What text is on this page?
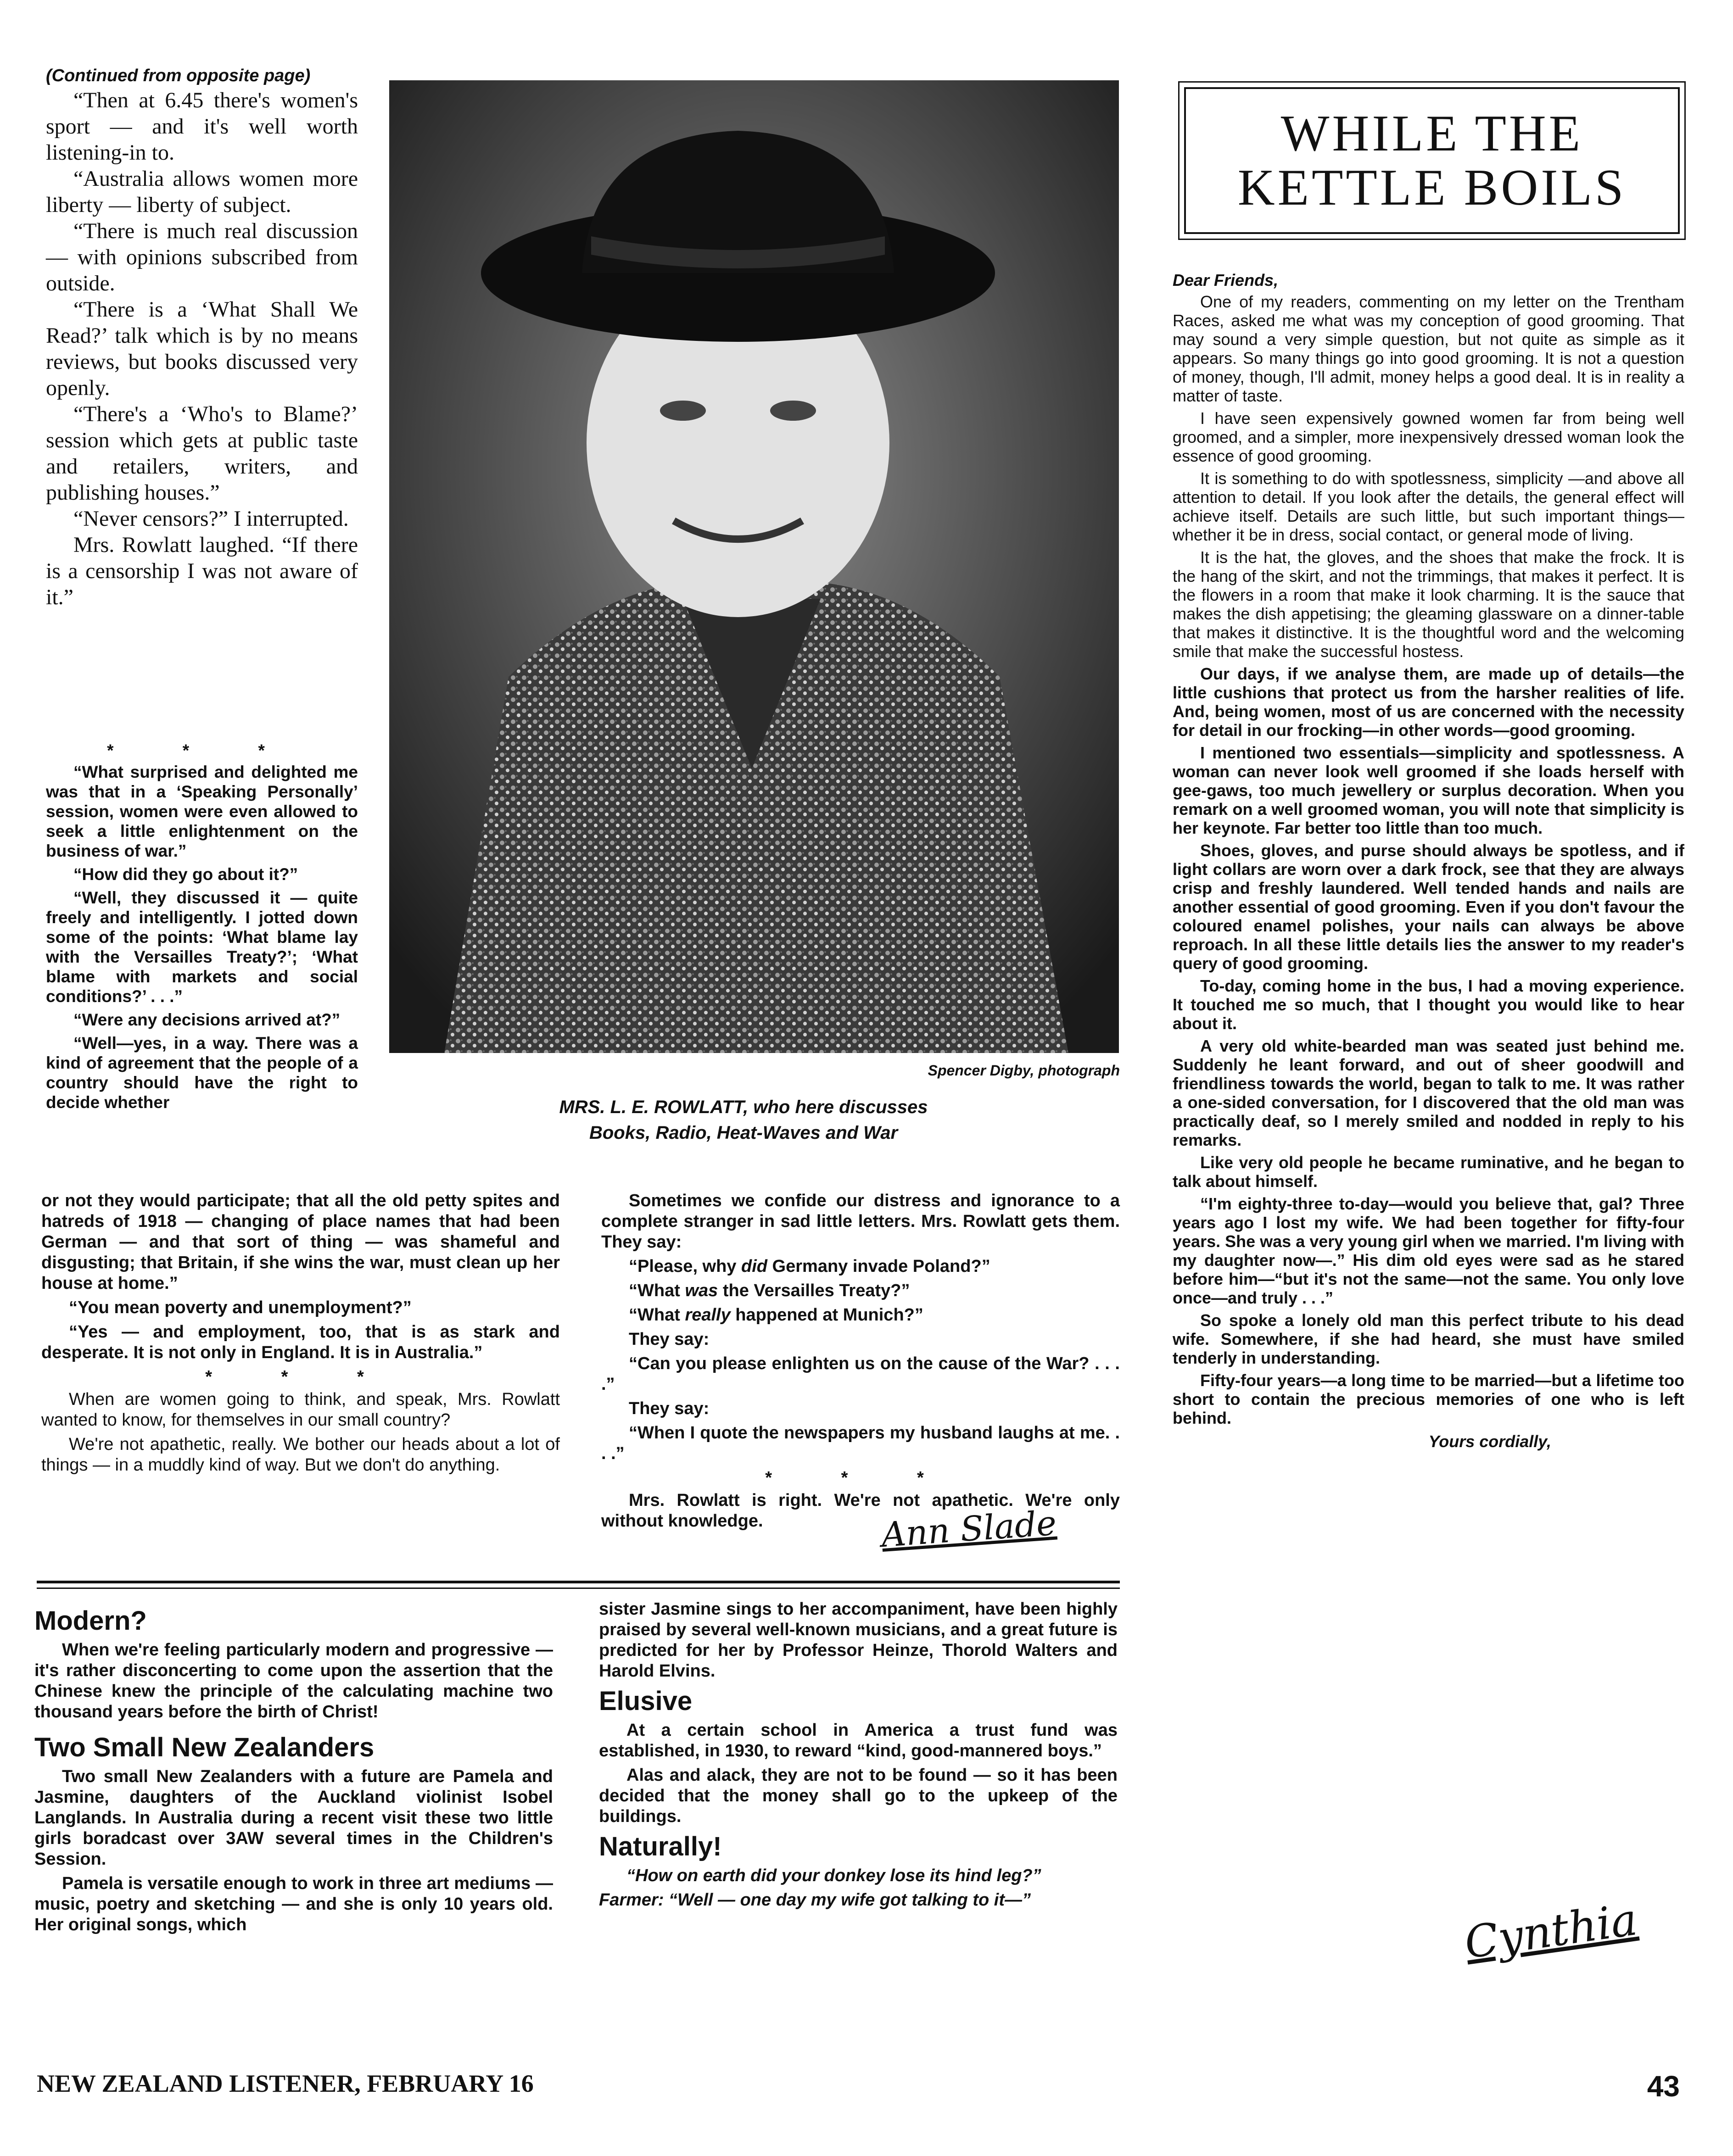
(Continued from opposite page)

“Then at 6.45 there's women's sport — and it's well worth listening-in to.

“Australia allows women more liberty — liberty of subject.

“There is much real discussion — with opinions subscribed from outside.

“There is a ‘What Shall We Read?’ talk which is by no means reviews, but books discussed very openly.

“There's a ‘Who's to Blame?’ session which gets at public taste and retailers, writers, and publishing houses.”

“Never censors?” I interrupted.

Mrs. Rowlatt laughed. “If there is a censorship I was not aware of it.”

* * *

“What surprised and delighted me was that in a ‘Speaking Personally’ session, women were even allowed to seek a little enlightenment on the business of war.”

“How did they go about it?”

“Well, they discussed it — quite freely and intelligently. I jotted down some of the points: ‘What blame lay with the Versailles Treaty?’; ‘What blame with markets and social conditions?’ . . .”

“Were any decisions arrived at?”

“Well—yes, in a way. There was a kind of agreement that the people of a country should have the right to decide whether

Spencer Digby, photograph
MRS. L. E. ROWLATT, who here discusses
Books, Radio, Heat-Waves and War

or not they would participate; that all the old petty spites and hatreds of 1918 — changing of place names that had been German — and that sort of thing — was shameful and disgusting; that Britain, if she wins the war, must clean up her house at home.”

“You mean poverty and unemployment?”

“Yes — and employment, too, that is as stark and desperate. It is not only in England. It is in Australia.”

* * *

When are women going to think, and speak, Mrs. Rowlatt wanted to know, for themselves in our small country?

We're not apathetic, really. We bother our heads about a lot of things — in a muddly kind of way. But we don't do anything.

Sometimes we confide our distress and ignorance to a complete stranger in sad little letters. Mrs. Rowlatt gets them. They say:

“Please, why did Germany invade Poland?”

“What was the Versailles Treaty?”

“What really happened at Munich?”

They say:

“Can you please enlighten us on the cause of the War? . . . .”

They say:

“When I quote the newspapers my husband laughs at me. . . .”

* * *

Mrs. Rowlatt is right. We're not apathetic. We're only without knowledge.	Ann Slade
Modern?

When we're feeling particularly modern and progressive — it's rather disconcerting to come upon the assertion that the Chinese knew the principle of the calculating machine two thousand years before the birth of Christ!

Two Small New Zealanders

Two small New Zealanders with a future are Pamela and Jasmine, daughters of the Auckland violinist Isobel Langlands. In Australia during a recent visit these two little girls boradcast over 3AW several times in the Children's Session.

Pamela is versatile enough to work in three art mediums — music, poetry and sketching — and she is only 10 years old. Her original songs, which

sister Jasmine sings to her accompaniment, have been highly praised by several well-known musicians, and a great future is predicted for her by Professor Heinze, Thorold Walters and Harold Elvins.

Elusive

At a certain school in America a trust fund was established, in 1930, to reward “kind, good-mannered boys.”

Alas and alack, they are not to be found — so it has been decided that the money shall go to the upkeep of the buildings.

Naturally!

“How on earth did your donkey lose its hind leg?”

Farmer: “Well — one day my wife got talking to it—”

WHILE THE
KETTLE BOILS
Dear Friends,

One of my readers, commenting on my letter on the Trentham Races, asked me what was my conception of good grooming. That may sound a very simple question, but not quite as simple as it appears. So many things go into good grooming. It is not a question of money, though, I'll admit, money helps a good deal. It is in reality a matter of taste.

I have seen expensively gowned women far from being well groomed, and a simpler, more inexpensively dressed woman look the essence of good grooming.

It is something to do with spotlessness, simplicity —and above all attention to detail. If you look after the details, the general effect will achieve itself. Details are such little, but such important things—whether it be in dress, social contact, or general mode of living.

It is the hat, the gloves, and the shoes that make the frock. It is the hang of the skirt, and not the trimmings, that makes it perfect. It is the flowers in a room that make it look charming. It is the sauce that makes the dish appetising; the gleaming glassware on a dinner-table that makes it distinctive. It is the thoughtful word and the welcoming smile that make the successful hostess.

Our days, if we analyse them, are made up of details—the little cushions that protect us from the harsher realities of life. And, being women, most of us are concerned with the necessity for detail in our frocking—in other words—good grooming.

I mentioned two essentials—simplicity and spotlessness. A woman can never look well groomed if she loads herself with gee-gaws, too much jewellery or surplus decoration. When you remark on a well groomed woman, you will note that simplicity is her keynote. Far better too little than too much.

Shoes, gloves, and purse should always be spotless, and if light collars are worn over a dark frock, see that they are always crisp and freshly laundered. Well tended hands and nails are another essential of good grooming. Even if you don't favour the coloured enamel polishes, your nails can always be above reproach. In all these little details lies the answer to my reader's query of good grooming.

To-day, coming home in the bus, I had a moving experience. It touched me so much, that I thought you would like to hear about it.

A very old white-bearded man was seated just behind me. Suddenly he leant forward, and out of sheer goodwill and friendliness towards the world, began to talk to me. It was rather a one-sided conversation, for I discovered that the old man was practically deaf, so I merely smiled and nodded in reply to his remarks.

Like very old people he became ruminative, and he began to talk about himself.

“I'm eighty-three to-day—would you believe that, gal? Three years ago I lost my wife. We had been together for fifty-four years. She was a very young girl when we married. I'm living with my daughter now—.” His dim old eyes were sad as he stared before him—“but it's not the same—not the same. You only love once—and truly . . .”

So spoke a lonely old man this perfect tribute to his dead wife. Somewhere, if she had heard, she must have smiled tenderly in understanding.

Fifty-four years—a long time to be married—but a lifetime too short to contain the precious memories of one who is left behind.

Yours cordially,
Cynthia
NEW ZEALAND LISTENER, FEBRUARY 16	43
